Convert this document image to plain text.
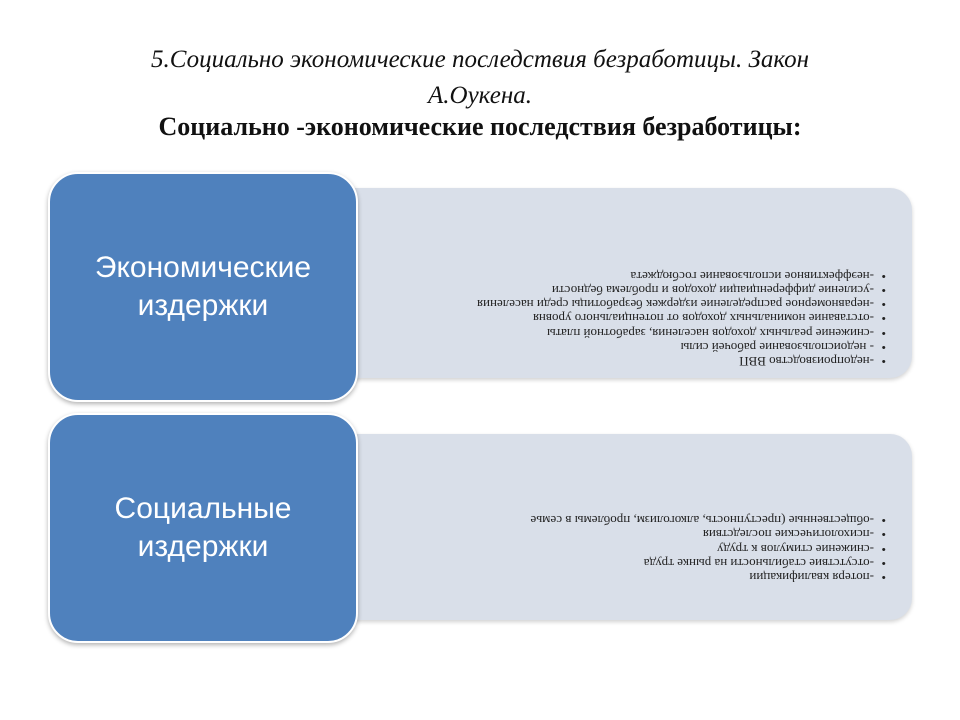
5.Социально экономические последствия безработицы. Закон
А.Оукена.
Социально -экономические последствия безработицы:
• -недопроизводство ВВП
• - недоиспользование рабочей силы
• -снижение реальных доходов населения, заработной платы
• -отставание номинальных доходов от потенциального уровня
• -неравномерное распределение издержек безработицы среди населения
• -усиление дифференциации доходов и проблема бедности
• -неэффективное использование госбюджета
• -потеря квалификации
• -отсутствие стабильности на рынке труда
• -снижение стимулов к труду
• -психологические последствия
• -общественные (преступность, алкоголизм, проблемы в семье
Экономические
издержки
Социальные
издержки
